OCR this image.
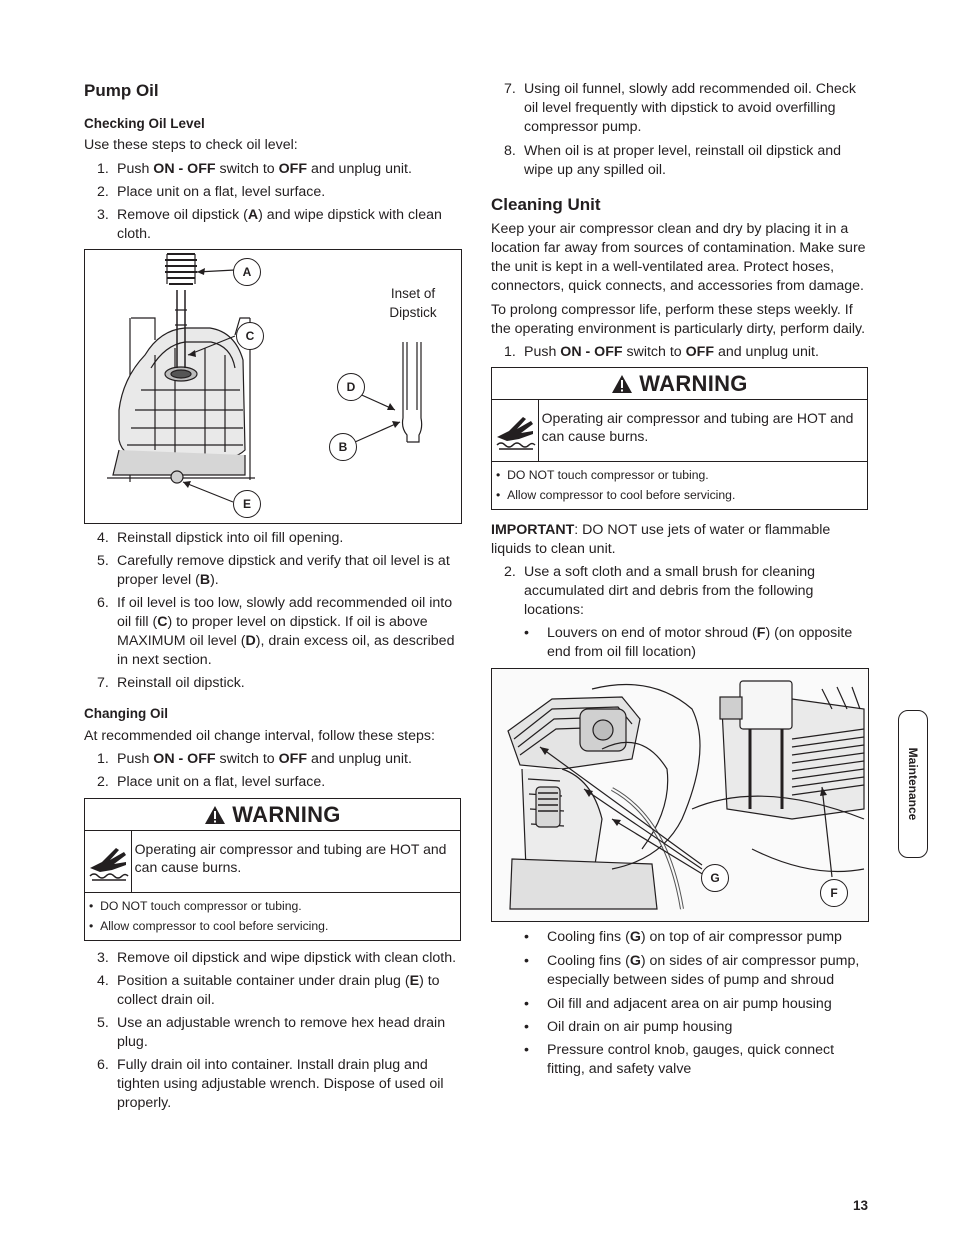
Pump Oil
Checking Oil Level

Use these steps to check oil level:

1. Push ON - OFF switch to OFF and unplug unit.
2. Place unit on a flat, level surface.
3. Remove oil dipstick (A) and wipe dipstick with clean cloth.
A
C
D
B
E
Inset of
Dipstick
4. Reinstall dipstick into oil fill opening.
5. Carefully remove dipstick and verify that oil level is at proper level (B).
6. If oil level is too low, slowly add recommended oil into oil fill (C) to proper level on dipstick. If oil is above MAXIMUM oil level (D), drain excess oil, as described in next section.
7. Reinstall oil dipstick.
Changing Oil

At recommended oil change interval, follow these steps:

1. Push ON - OFF switch to OFF and unplug unit.
2. Place unit on a flat, level surface.
WARNING
Operating air compressor and tubing are HOT and can cause burns.
• DO NOT touch compressor or tubing.
• Allow compressor to cool before servicing.
3. Remove oil dipstick and wipe dipstick with clean cloth.
4. Position a suitable container under drain plug (E) to collect drain oil.
5. Use an adjustable wrench to remove hex head drain plug.
6. Fully drain oil into container. Install drain plug and tighten using adjustable wrench. Dispose of used oil properly.
7. Using oil funnel, slowly add recommended oil. Check oil level frequently with dipstick to avoid overfilling compressor pump.
8. When oil is at proper level, reinstall oil dipstick and wipe up any spilled oil.
Cleaning Unit

Keep your air compressor clean and dry by placing it in a location far away from sources of contamination. Make sure the unit is kept in a well-ventilated area. Protect hoses, connectors, quick connects, and accessories from damage.

To prolong compressor life, perform these steps weekly. If the operating environment is particularly dirty, perform daily.

1. Push ON - OFF switch to OFF and unplug unit.
WARNING
Operating air compressor and tubing are HOT and can cause burns.
• DO NOT touch compressor or tubing.
• Allow compressor to cool before servicing.

IMPORTANT: DO NOT use jets of water or flammable liquids to clean unit.

2. Use a soft cloth and a small brush for cleaning accumulated dirt and debris from the following locations:
• Louvers on end of motor shroud (F) (on opposite end from oil fill location)
G
F
• Cooling fins (G) on top of air compressor pump
• Cooling fins (G) on sides of air compressor pump, especially between sides of pump and shroud
• Oil fill and adjacent area on air pump housing
• Oil drain on air pump housing
• Pressure control knob, gauges, quick connect fitting, and safety valve
Maintenance
13
